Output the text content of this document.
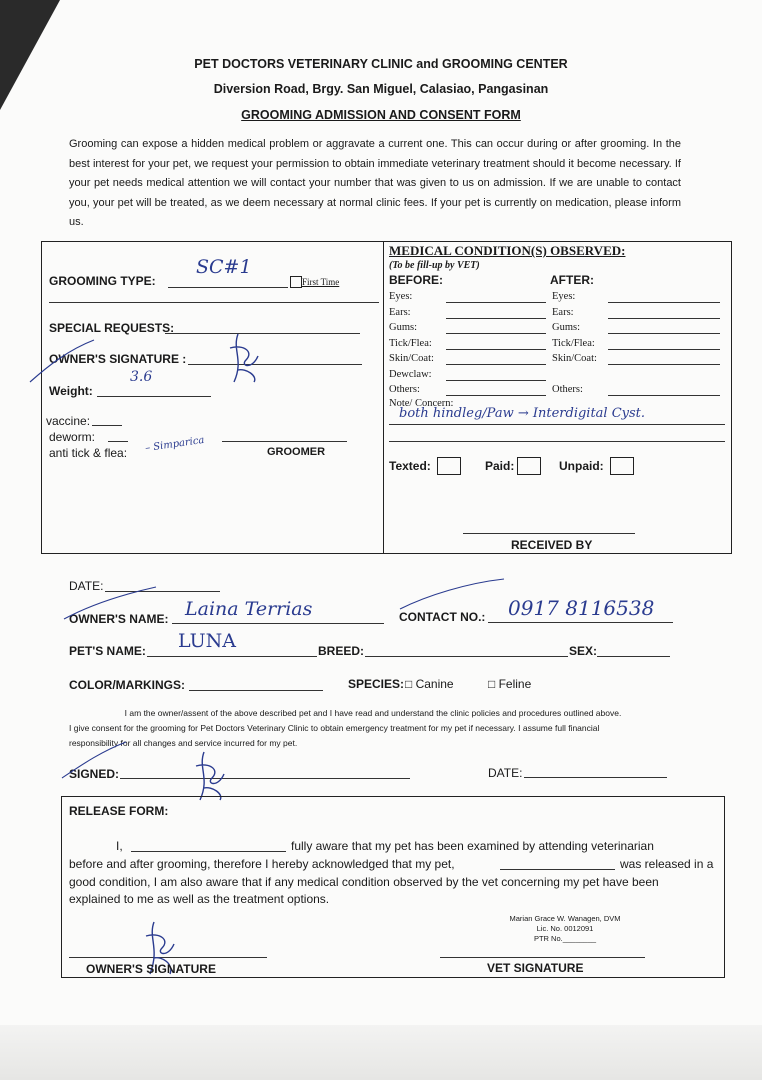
PET DOCTORS VETERINARY CLINIC and GROOMING CENTER
Diversion Road, Brgy. San Miguel, Calasiao, Pangasinan
GROOMING ADMISSION AND CONSENT FORM
Grooming can expose a hidden medical problem or aggravate a current one. This can occur during or after grooming. In the best interest for your pet, we request your permission to obtain immediate veterinary treatment should it become necessary. If your pet needs medical attention we will contact your number that was given to us on admission. If we are unable to contact you, your pet will be treated, as we deem necessary at normal clinic fees. If your pet is currently on medication, please inform us.
GROOMING TYPE:
SC#1
First Time
SPECIAL REQUESTS:
OWNER'S SIGNATURE :
Weight:
3.6
vaccine:
deworm:
anti tick & flea: – Simparica	GROOMER
MEDICAL CONDITION(S) OBSERVED:
(To be fill-up by VET)
BEFORE:	AFTER:
Eyes:
Ears:
Gums:
Tick/Flea:
Skin/Coat:
Dewclaw:
Others:
Eyes:
Ears:
Gums:
Tick/Flea:
Skin/Coat:
Others:
Note/ Concern:
both hindleg/Paw → Interdigital Cyst.
Texted:	Paid:	Unpaid:
RECEIVED BY
DATE:
OWNER'S NAME: Laina Terrias	CONTACT NO.: 0917 8116538
PET'S NAME: LUNA	BREED:	SEX:
COLOR/MARKINGS:	SPECIES: □ Canine	□ Feline
I am the owner/assent of the above described pet and I have read and understand the clinic policies and procedures outlined above.
I give consent for the grooming for Pet Doctors Veterinary Clinic to obtain emergency treatment for my pet if necessary. I assume full financial
responsibility for all changes and service incurred for my pet.
SIGNED:	DATE:
RELEASE FORM:
I,	fully aware that my pet has been examined by attending veterinarian
before and after grooming, therefore I hereby acknowledged that my pet,	was released in a
good condition, I am also aware that if any medical condition observed by the vet concerning my pet have been
explained to me as well as the treatment options.
Marian Grace W. Wanagen, DVM
Lic. No. 0012091
PTR No.________
OWNER'S SIGNATURE	VET SIGNATURE
